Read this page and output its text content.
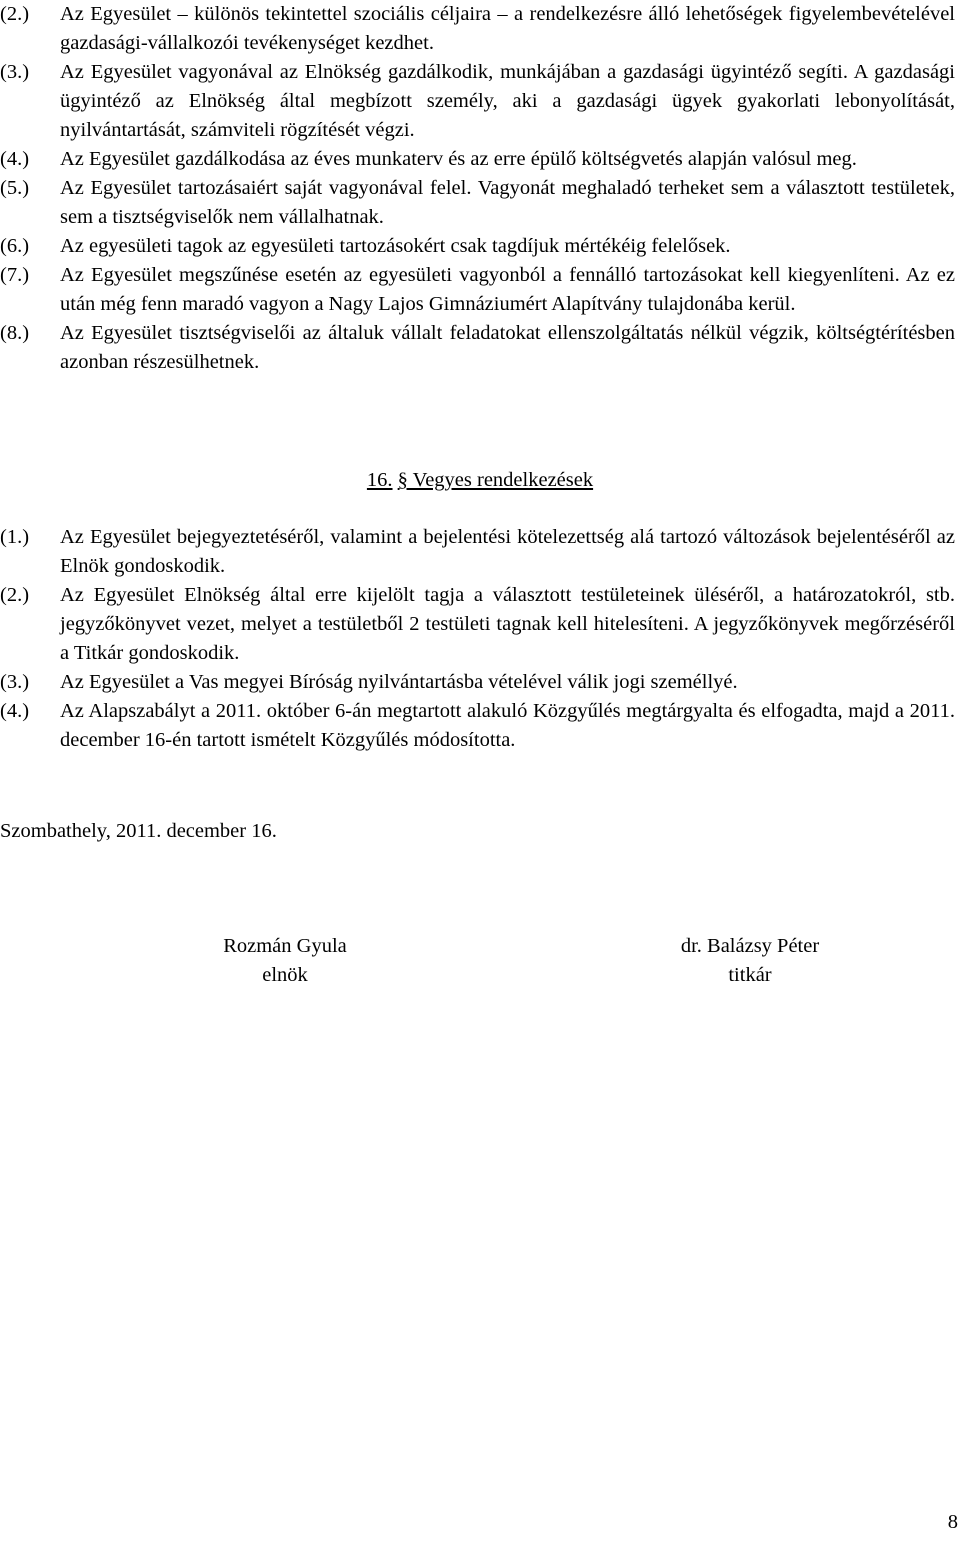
(2.)	Az Egyesület – különös tekintettel szociális céljaira – a rendelkezésre álló lehetőségek figyelembevételével gazdasági-vállalkozói tevékenységet kezdhet.
(3.)	Az Egyesület vagyonával az Elnökség gazdálkodik, munkájában a gazdasági ügyintéző segíti. A gazdasági ügyintéző az Elnökség által megbízott személy, aki a gazdasági ügyek gyakorlati lebonyolítását, nyilvántartását, számviteli rögzítését végzi.
(4.)	Az Egyesület gazdálkodása az éves munkaterv és az erre épülő költségvetés alapján valósul meg.
(5.)	Az Egyesület tartozásaiért saját vagyonával felel. Vagyonát meghaladó terheket sem a választott testületek, sem a tisztségviselők nem vállalhatnak.
(6.)	Az egyesületi tagok az egyesületi tartozásokért csak tagdíjuk mértékéig felelősek.
(7.)	Az Egyesület megszűnése esetén az egyesületi vagyonból a fennálló tartozásokat kell kiegyenlíteni. Az ez után még fenn maradó vagyon a Nagy Lajos Gimnáziumért Alapítvány tulajdonába kerül.
(8.)	Az Egyesület tisztségviselői az általuk vállalt feladatokat ellenszolgáltatás nélkül végzik, költségtérítésben azonban részesülhetnek.
16. § Vegyes rendelkezések
(1.)	Az Egyesület bejegyeztetéséről, valamint a bejelentési kötelezettség alá tartozó változások bejelentéséről az Elnök gondoskodik.
(2.)	Az Egyesület Elnökség által erre kijelölt tagja a választott testületeinek üléséről, a határozatokról, stb. jegyzőkönyvet vezet, melyet a testületből 2 testületi tagnak kell hitelesíteni. A jegyzőkönyvek megőrzéséről a Titkár gondoskodik.
(3.)	Az Egyesület a Vas megyei Bíróság nyilvántartásba vételével válik jogi személlyé.
(4.)	Az Alapszabályt a 2011. október 6-án megtartott alakuló Közgyűlés megtárgyalta és elfogadta, majd a 2011. december 16-én tartott ismételt Közgyűlés módosította.
Szombathely, 2011. december 16.
Rozmán Gyula
elnök
dr. Balázsy Péter
titkár
8
